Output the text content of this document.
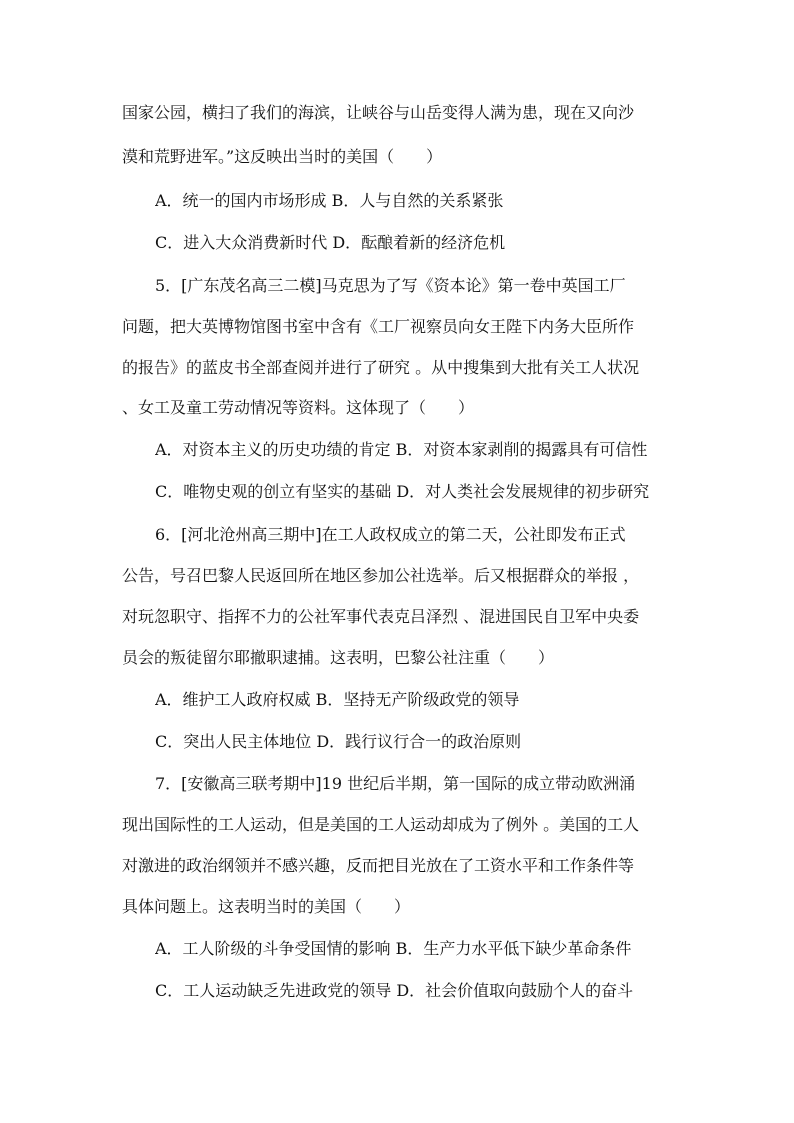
国家公园，横扫了我们的海滨，让峡谷与山岳变得人满为患，现在又向沙
漠和荒野进军。”这反映出当时的美国（　　）
A．统一的国内市场形成 B．人与自然的关系紧张
C．进入大众消费新时代 D．酝酿着新的经济危机
5．[广东茂名高三二模]马克思为了写《资本论》第一卷中英国工厂
问题，把大英博物馆图书室中含有《工厂视察员向女王陛下内务大臣所作
的报告》的蓝皮书全部查阅并进行了研究 。从中搜集到大批有关工人状况
、女工及童工劳动情况等资料。这体现了（　　）
A．对资本主义的历史功绩的肯定 B．对资本家剥削的揭露具有可信性
C．唯物史观的创立有坚实的基础 D．对人类社会发展规律的初步研究
6．[河北沧州高三期中]在工人政权成立的第二天，公社即发布正式
公告，号召巴黎人民返回所在地区参加公社选举。后又根据群众的举报 ，
对玩忽职守、指挥不力的公社军事代表克吕泽烈 、混进国民自卫军中央委
员会的叛徒留尔耶撤职逮捕。这表明，巴黎公社注重（　　）
A．维护工人政府权威 B．坚持无产阶级政党的领导
C．突出人民主体地位 D．践行议行合一的政治原则
7．[安徽高三联考期中]19 世纪后半期，第一国际的成立带动欧洲涌
现出国际性的工人运动，但是美国的工人运动却成为了例外 。美国的工人
对激进的政治纲领并不感兴趣，反而把目光放在了工资水平和工作条件等
具体问题上。这表明当时的美国（　　）
A．工人阶级的斗争受国情的影响 B．生产力水平低下缺少革命条件
C．工人运动缺乏先进政党的领导 D．社会价值取向鼓励个人的奋斗
